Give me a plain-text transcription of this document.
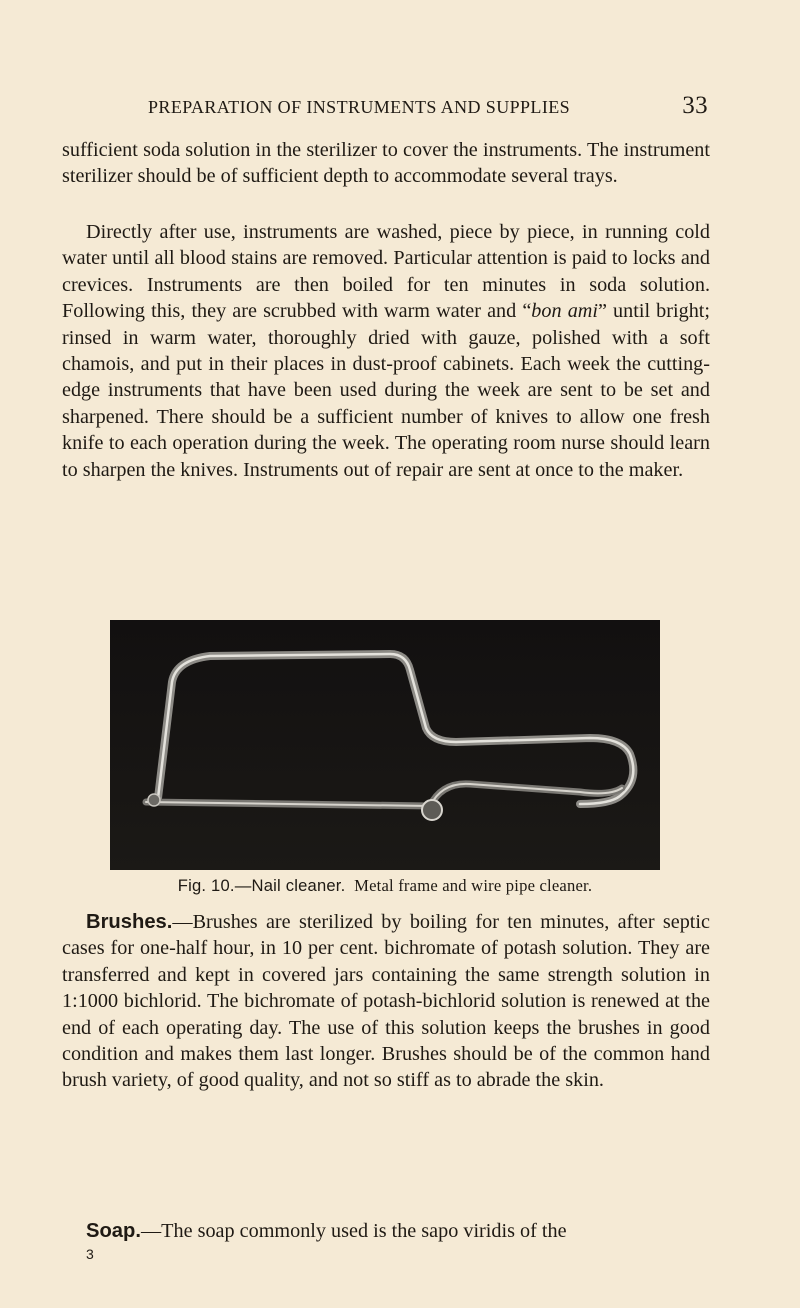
PREPARATION OF INSTRUMENTS AND SUPPLIES	33

sufficient soda solution in the sterilizer to cover the instruments. The instrument sterilizer should be of sufficient depth to accommodate several trays.

Directly after use, instruments are washed, piece by piece, in running cold water until all blood stains are removed. Particular attention is paid to locks and crevices. Instruments are then boiled for ten minutes in soda solution. Following this, they are scrubbed with warm water and “bon ami” until bright; rinsed in warm water, thoroughly dried with gauze, polished with a soft chamois, and put in their places in dust-proof cabinets. Each week the cutting-edge instruments that have been used during the week are sent to be set and sharpened. There should be a sufficient number of knives to allow one fresh knife to each operation during the week. The operating room nurse should learn to sharpen the knives. Instruments out of repair are sent at once to the maker.

Fig. 10.—Nail cleaner. Metal frame and wire pipe cleaner.

Brushes.—Brushes are sterilized by boiling for ten minutes, after septic cases for one-half hour, in 10 per cent. bichromate of potash solution. They are transferred and kept in covered jars containing the same strength solution in 1:1000 bichlorid. The bichromate of potash-bichlorid solution is renewed at the end of each operating day. The use of this solution keeps the brushes in good condition and makes them last longer. Brushes should be of the common hand brush variety, of good quality, and not so stiff as to abrade the skin.

Soap.—The soap commonly used is the sapo viridis of the

3
